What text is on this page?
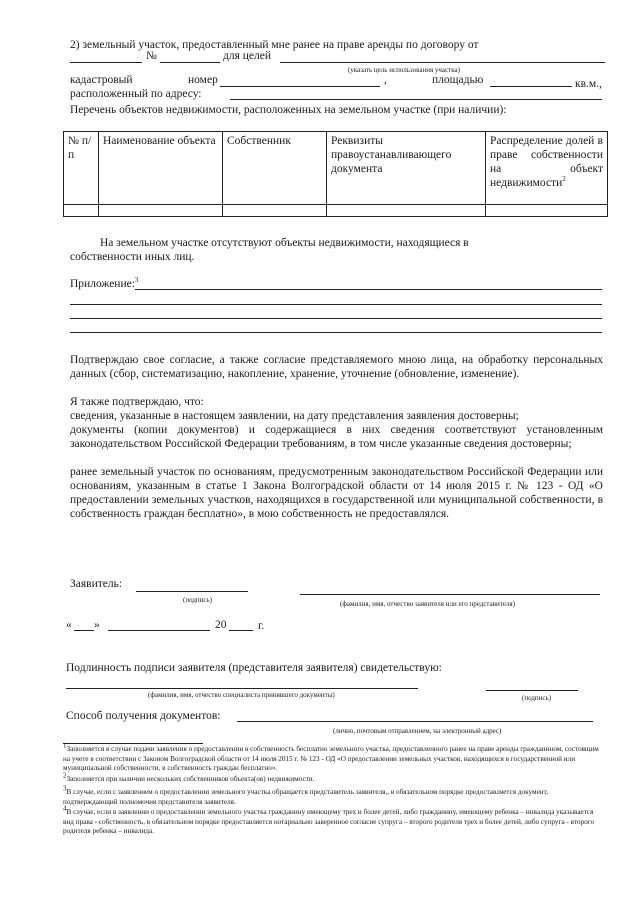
2) земельный участок, предоставленный мне ранее на праве аренды по договору от
№	для целей
(указать цель использования участка)
кадастровый	номер	,	площадью	кв.м.,
расположенный по адресу:
Перечень объектов недвижимости, расположенных на земельном участке (при наличии):
№ п/п	Наименование объекта	Собственник	Реквизиты правоустанавливающего документа	Распределение долей в праве собственности на объект недвижимости$^2$

На земельном участке отсутствуют объекты недвижимости, находящиеся в
собственности иных лиц.
Приложение:$^3$
Подтверждаю свое согласие, а также согласие представляемого мною лица, на обработку персональных данных (сбор, систематизацию, накопление, хранение, уточнение (обновление, изменение).
Я также подтверждаю, что:
сведения, указанные в настоящем заявлении, на дату представления заявления достоверны;
документы (копии документов) и содержащиеся в них сведения соответствуют установленным законодательством Российской Федерации требованиям, в том числе указанные сведения достоверны;
ранее земельный участок по основаниям, предусмотренным законодательством Российской Федерации или основаниям, указанным в статье 1 Закона Волгоградской области от 14 июля 2015 г. № 123 - ОД «О предоставлении земельных участков, находящихся в государственной или муниципальной собственности, в собственность граждан бесплатно», в мою собственность не предоставлялся.
Заявитель:
(подпись)	(фамилия, имя, отчество заявителя или его представителя)
« »	20	г.
Подлинность подписи заявителя (представителя заявителя) свидетельствую:
(фамилия, имя, отчество специалиста принявшего документы)	(подпись)
Способ получения документов:
(лично, почтовым отправлением, на электронный адрес)
$^1$Заполняется в случае подачи заявления о предоставлении в собственность бесплатно земельного участка, предоставленного ранее на праве аренды гражданином, состоящим на учете в соответствии с Законом Волгоградской области от 14 июля 2015 г. № 123 - ОД «О предоставлении земельных участков, находящихся в государственной или муниципальной собственности, в собственность граждан бесплатно».
$^2$Заполняется при наличии нескольких собственников объекта(ов) недвижимости.
$^3$В случае, если с заявлением о предоставлении земельного участка обращается представитель заявителя,, в обязательном порядке предоставляется документ, подтверждающий полномочия представителя заявителя.
$^4$В случае, если в заявлении о предоставлении земельного участка гражданину имеющему трех и более детей, либо гражданину, имеющему ребенка – инвалида указывается вид права - собственность, в обязательном порядке предоставляется нотариально заверенное согласие супруга – второго родителя трех и более детей, либо супруга - второго родителя ребенка – инвалида.
